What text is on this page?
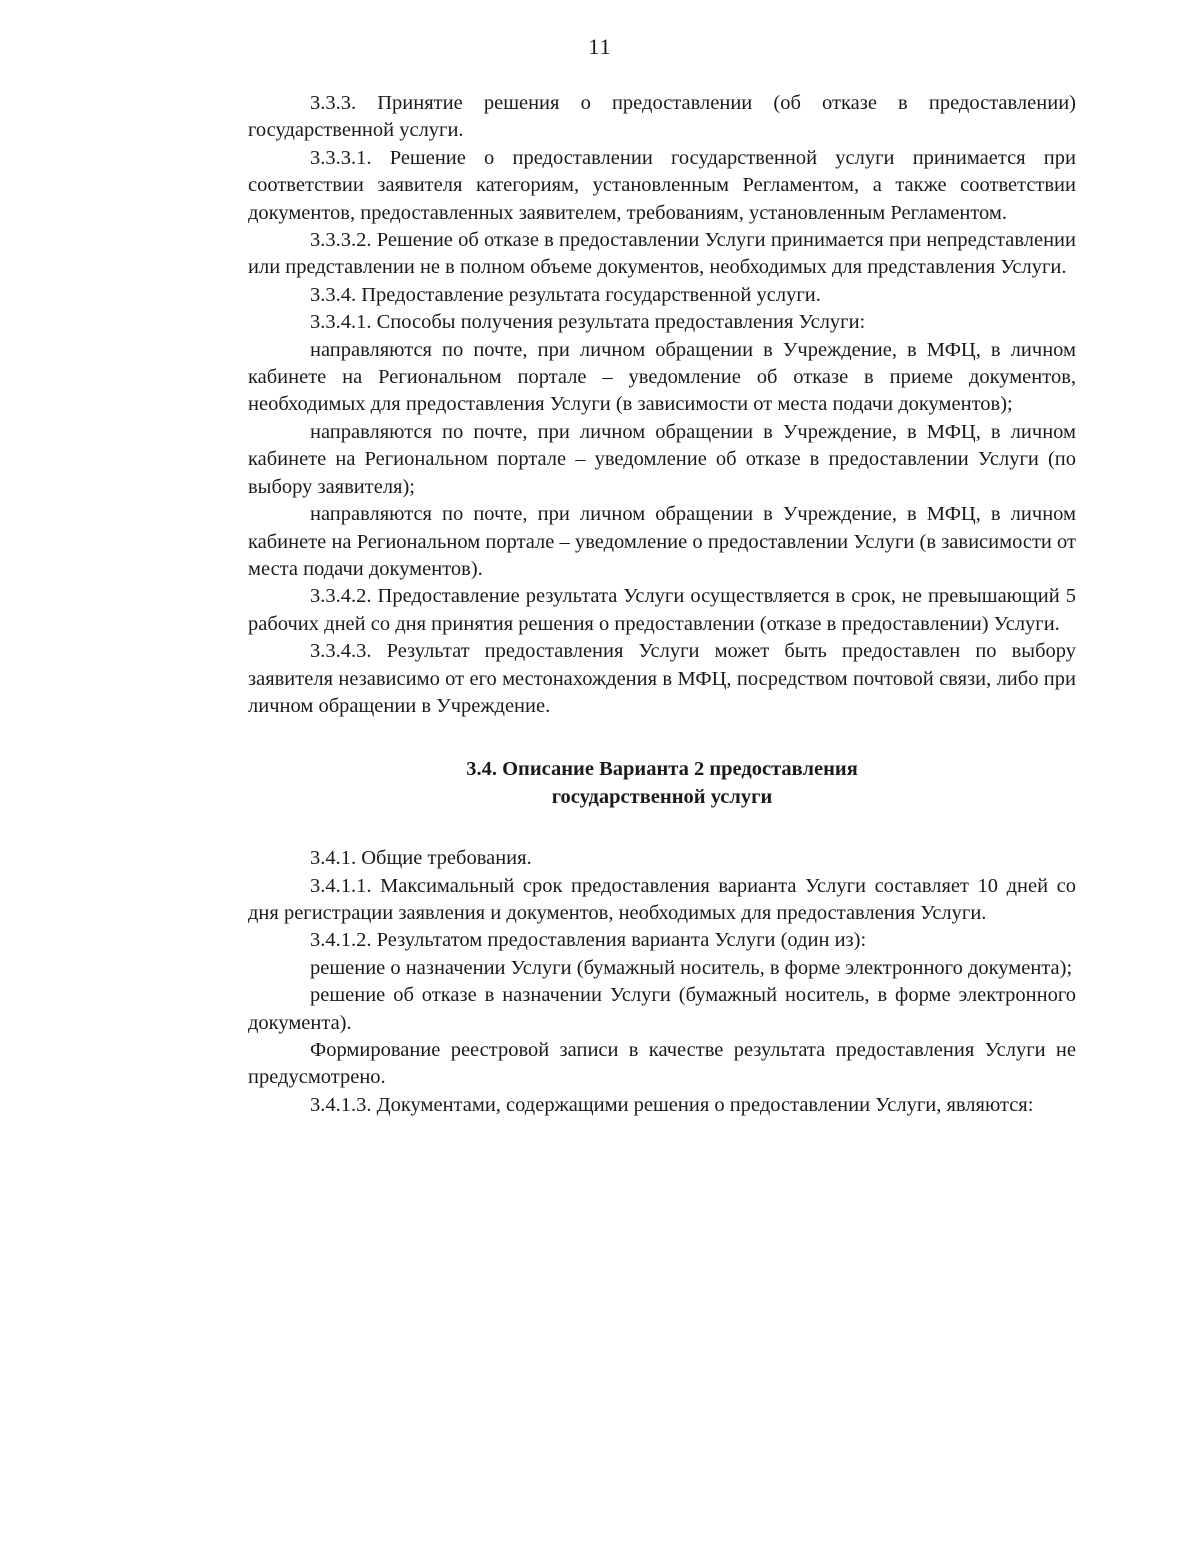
11

3.3.3. Принятие решения о предоставлении (об отказе в предоставлении) государственной услуги.

3.3.3.1. Решение о предоставлении государственной услуги принимается при соответствии заявителя категориям, установленным Регламентом, а также соответствии документов, предоставленных заявителем, требованиям, установленным Регламентом.

3.3.3.2. Решение об отказе в предоставлении Услуги принимается при непредставлении или представлении не в полном объеме документов, необходимых для представления Услуги.

3.3.4. Предоставление результата государственной услуги.

3.3.4.1. Способы получения результата предоставления Услуги:

направляются по почте, при личном обращении в Учреждение, в МФЦ, в личном кабинете на Региональном портале – уведомление об отказе в приеме документов, необходимых для предоставления Услуги (в зависимости от места подачи документов);

направляются по почте, при личном обращении в Учреждение, в МФЦ, в личном кабинете на Региональном портале – уведомление об отказе в предоставлении Услуги (по выбору заявителя);

направляются по почте, при личном обращении в Учреждение, в МФЦ, в личном кабинете на Региональном портале – уведомление о предоставлении Услуги (в зависимости от места подачи документов).

3.3.4.2. Предоставление результата Услуги осуществляется в срок, не превышающий 5 рабочих дней со дня принятия решения о предоставлении (отказе в предоставлении) Услуги.

3.3.4.3. Результат предоставления Услуги может быть предоставлен по выбору заявителя независимо от его местонахождения в МФЦ, посредством почтовой связи, либо при личном обращении в Учреждение.

3.4. Описание Варианта 2 предоставления
государственной услуги

3.4.1. Общие требования.

3.4.1.1. Максимальный срок предоставления варианта Услуги составляет 10 дней со дня регистрации заявления и документов, необходимых для предоставления Услуги.

3.4.1.2. Результатом предоставления варианта Услуги (один из):

решение о назначении Услуги (бумажный носитель, в форме электронного документа);

решение об отказе в назначении Услуги (бумажный носитель, в форме электронного документа).

Формирование реестровой записи в качестве результата предоставления Услуги не предусмотрено.

3.4.1.3. Документами, содержащими решения о предоставлении Услуги, являются:
